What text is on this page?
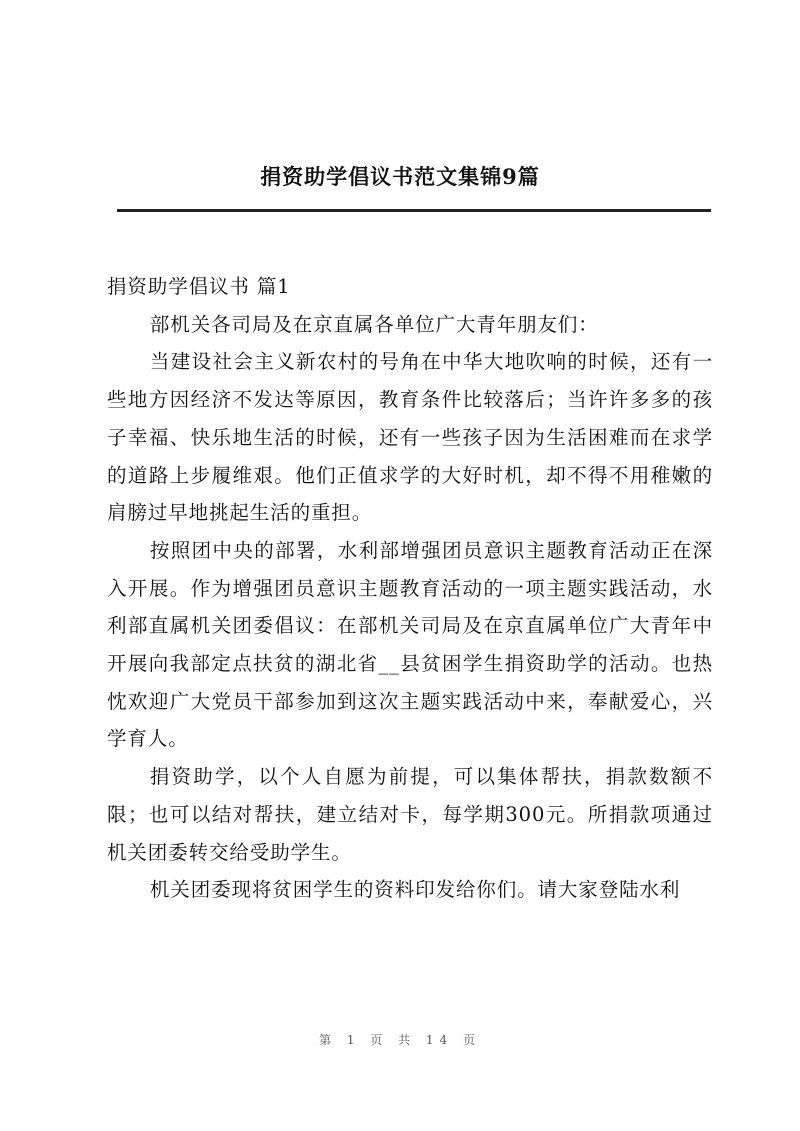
捐资助学倡议书范文集锦9篇

捐资助学倡议书 篇1

部机关各司局及在京直属各单位广大青年朋友们：

当建设社会主义新农村的号角在中华大地吹响的时候，还有一些地方因经济不发达等原因，教育条件比较落后；当许许多多的孩子幸福、快乐地生活的时候，还有一些孩子因为生活困难而在求学的道路上步履维艰。他们正值求学的大好时机，却不得不用稚嫩的肩膀过早地挑起生活的重担。

按照团中央的部署，水利部增强团员意识主题教育活动正在深入开展。作为增强团员意识主题教育活动的一项主题实践活动，水利部直属机关团委倡议：在部机关司局及在京直属单位广大青年中开展向我部定点扶贫的湖北省__县贫困学生捐资助学的活动。也热忱欢迎广大党员干部参加到这次主题实践活动中来，奉献爱心，兴学育人。

捐资助学，以个人自愿为前提，可以集体帮扶，捐款数额不限；也可以结对帮扶，建立结对卡，每学期300元。所捐款项通过机关团委转交给受助学生。

机关团委现将贫困学生的资料印发给你们。请大家登陆水利

第 1 页 共 14 页
